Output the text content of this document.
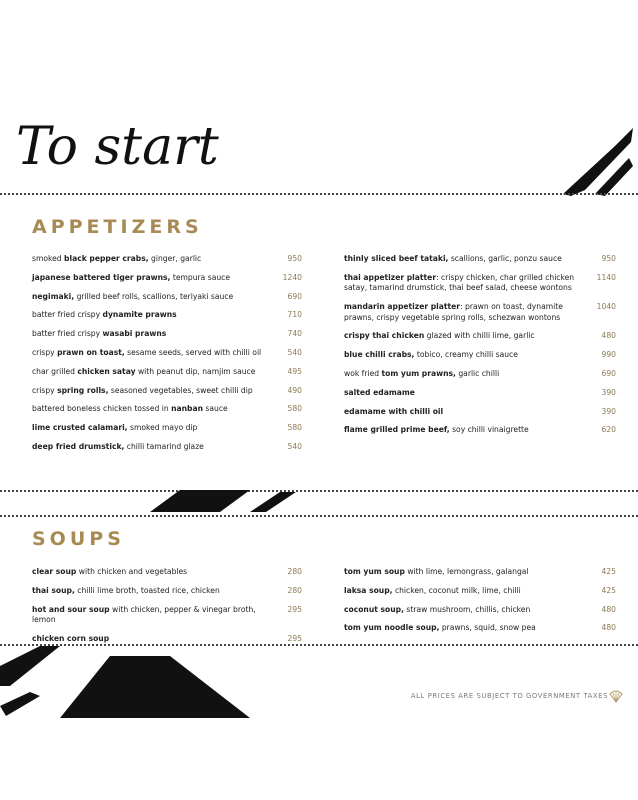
To start
APPETIZERS
smoked black pepper crabs, ginger, garlic	950
japanese battered tiger prawns, tempura sauce	1240
negimaki, grilled beef rolls, scallions, teriyaki sauce	690
batter fried crispy dynamite prawns	710
batter fried crispy wasabi prawns	740
crispy prawn on toast, sesame seeds, served with chilli oil	540
char grilled chicken satay with peanut dip, namjim sauce	495
crispy spring rolls, seasoned vegetables, sweet chilli dip	490
battered boneless chicken tossed in nanban sauce	580
lime crusted calamari, smoked mayo dip	580
deep fried drumstick, chilli tamarind glaze	540
thinly sliced beef tataki, scallions, garlic, ponzu sauce	950
thai appetizer platter: crispy chicken, char grilled chicken satay, tamarind drumstick, thai beef salad, cheese wontons
1140
mandarin appetizer platter: prawn on toast, dynamite prawns, crispy vegetable spring rolls, schezwan wontons
1040
crispy thai chicken glazed with chilli lime, garlic	480
blue chilli crabs, tobico, creamy chilli sauce	990
wok fried tom yum prawns, garlic chilli	690
salted edamame	390
edamame with chilli oil	390
flame grilled prime beef, soy chilli vinaigrette	620
SOUPS
clear soup with chicken and vegetables	280
thai soup, chilli lime broth, toasted rice, chicken	280
hot and sour soup with chicken, pepper & vinegar broth, lemon
295
chicken corn soup	295
tom yum soup with lime, lemongrass, galangal	425
laksa soup, chicken, coconut milk, lime, chilli	425
coconut soup, straw mushroom, chillis, chicken	480
tom yum noodle soup, prawns, squid, snow pea	480
ALL PRICES ARE SUBJECT TO GOVERNMENT TAXES
